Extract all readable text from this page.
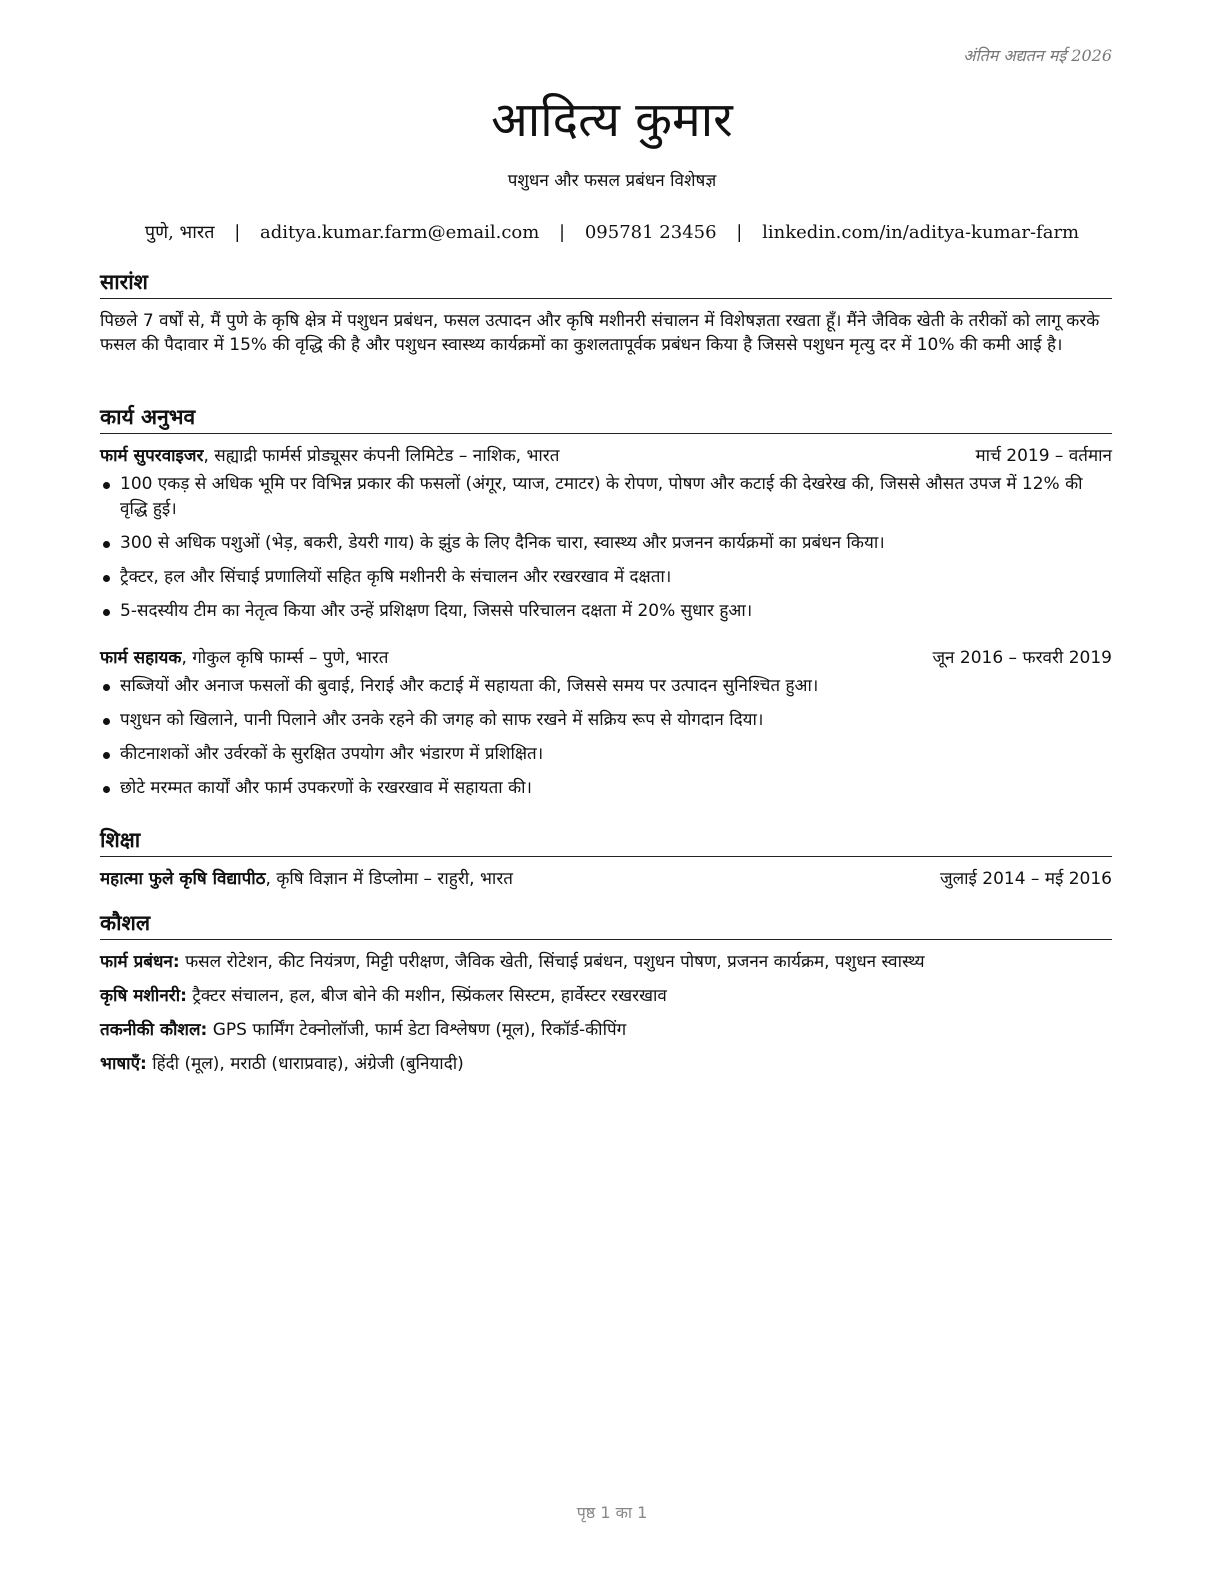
अंतिम अद्यतन मई 2026
आदित्य कुमार
पशुधन और फसल प्रबंधन विशेषज्ञ
पुणे, भारत | aditya.kumar.farm@email.com | 095781 23456 | linkedin.com/in/aditya-kumar-farm
सारांश

पिछले 7 वर्षों से, मैं पुणे के कृषि क्षेत्र में पशुधन प्रबंधन, फसल उत्पादन और कृषि मशीनरी संचालन में विशेषज्ञता रखता हूँ। मैंने जैविक खेती के तरीकों को लागू करके फसल की पैदावार में 15% की वृद्धि की है और पशुधन स्वास्थ्य कार्यक्रमों का कुशलतापूर्वक प्रबंधन किया है जिससे पशुधन मृत्यु दर में 10% की कमी आई है।

कार्य अनुभव
फार्म सुपरवाइजर, सह्याद्री फार्मर्स प्रोड्यूसर कंपनी लिमिटेड – नाशिक, भारत	मार्च 2019 – वर्तमान
100 एकड़ से अधिक भूमि पर विभिन्न प्रकार की फसलों (अंगूर, प्याज, टमाटर) के रोपण, पोषण और कटाई की देखरेख की, जिससे औसत उपज में 12% की वृद्धि हुई।
300 से अधिक पशुओं (भेड़, बकरी, डेयरी गाय) के झुंड के लिए दैनिक चारा, स्वास्थ्य और प्रजनन कार्यक्रमों का प्रबंधन किया।
ट्रैक्टर, हल और सिंचाई प्रणालियों सहित कृषि मशीनरी के संचालन और रखरखाव में दक्षता।
5-सदस्यीय टीम का नेतृत्व किया और उन्हें प्रशिक्षण दिया, जिससे परिचालन दक्षता में 20% सुधार हुआ।
फार्म सहायक, गोकुल कृषि फार्म्स – पुणे, भारत	जून 2016 – फरवरी 2019
सब्जियों और अनाज फसलों की बुवाई, निराई और कटाई में सहायता की, जिससे समय पर उत्पादन सुनिश्चित हुआ।
पशुधन को खिलाने, पानी पिलाने और उनके रहने की जगह को साफ रखने में सक्रिय रूप से योगदान दिया।
कीटनाशकों और उर्वरकों के सुरक्षित उपयोग और भंडारण में प्रशिक्षित।
छोटे मरम्मत कार्यों और फार्म उपकरणों के रखरखाव में सहायता की।
शिक्षा
महात्मा फुले कृषि विद्यापीठ, कृषि विज्ञान में डिप्लोमा – राहुरी, भारत	जुलाई 2014 – मई 2016
कौशल
फार्म प्रबंधन: फसल रोटेशन, कीट नियंत्रण, मिट्टी परीक्षण, जैविक खेती, सिंचाई प्रबंधन, पशुधन पोषण, प्रजनन कार्यक्रम, पशुधन स्वास्थ्य
कृषि मशीनरी: ट्रैक्टर संचालन, हल, बीज बोने की मशीन, स्प्रिंकलर सिस्टम, हार्वेस्टर रखरखाव
तकनीकी कौशल: GPS फार्मिंग टेक्नोलॉजी, फार्म डेटा विश्लेषण (मूल), रिकॉर्ड-कीपिंग
भाषाएँ: हिंदी (मूल), मराठी (धाराप्रवाह), अंग्रेजी (बुनियादी)
पृष्ठ 1 का 1
